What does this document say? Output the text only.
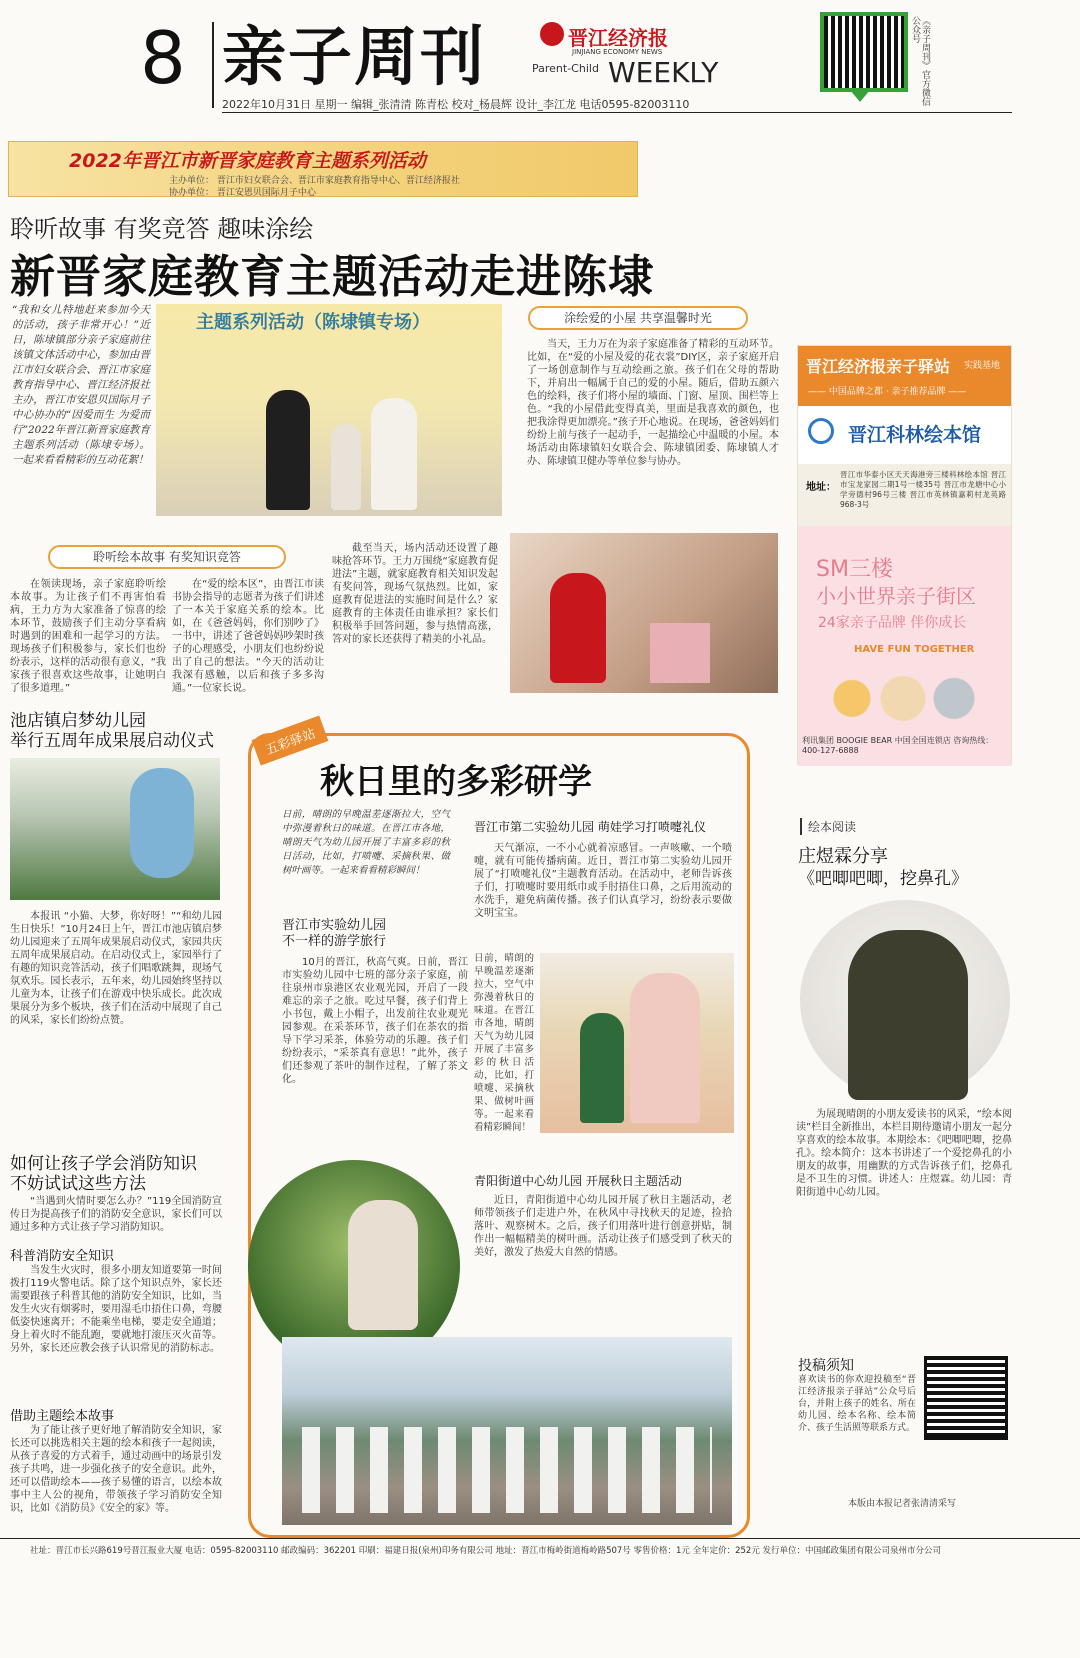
8 亲子周刊	晋江经济报
JINJIANG ECONOMY NEWS
Parent-Child WEEKLY
2022年10月31日 星期一 编辑_张清清 陈青松 校对_杨晨辉 设计_李江龙 电话0595-82003110	《亲子周刊》官方微信公众号
2022年晋江市新晋家庭教育主题系列活动
主办单位： 晋江市妇女联合会、晋江市家庭教育指导中心、晋江经济报社
协办单位： 晋江安恩贝国际月子中心
聆听故事 有奖竞答 趣味涂绘
新晋家庭教育主题活动走进陈埭
“我和女儿特地赶来参加今天的活动，孩子非常开心！”近日，陈埭镇部分亲子家庭前往该镇文体活动中心，参加由晋江市妇女联合会、晋江市家庭教育指导中心、晋江经济报社主办，晋江市安恩贝国际月子中心协办的“因爱而生 为爱而行”2022年晋江新晋家庭教育主题系列活动（陈埭专场）。一起来看看精彩的互动花絮！
主题系列活动（陈埭镇专场）	涂绘爱的小屋 共享温馨时光
当天，王力万在为亲子家庭准备了精彩的互动环节。比如，在“爱的小屋及爱的花衣裳”DIY区，亲子家庭开启了一场创意制作与互动绘画之旅。孩子们在父母的帮助下，并肩出一幅属于自己的爱的小屋。随后，借助五颜六色的绘料，孩子们将小屋的墙面、门窗、屋顶、围栏等上色。“我的小屋借此变得真美，里面是我喜欢的颜色，也把我涂得更加漂亮。”孩子开心地说。在现场，爸爸妈妈们纷纷上前与孩子一起动手，一起描绘心中温暖的小屋。本场活动由陈埭镇妇女联合会、陈埭镇团委、陈埭镇人才办、陈埭镇卫健办等单位参与协办。
晋江经济报亲子驿站 实践基地
—— 中国品牌之都 · 亲子推荐品牌 ——
晋江科林绘本馆
地址：
晋江市华泰小区天天海港旁三楼科林绘本馆 晋江市宝龙家园二期1号一楼35号 晋江市龙塘中心小学旁德村96号三楼 晋江市英林镇嘉莉村龙英路968-3号
SM三楼
小小世界亲子街区
24家亲子品牌 伴你成长
HAVE FUN TOGETHER
利讯集团 BOOGIE BEAR 中国全国连锁店 咨询热线：400-127-6888
聆听绘本故事 有奖知识竞答
在领读现场，亲子家庭聆听绘本故事。为让孩子们不再害怕看病，王力方为大家准备了惊喜的绘本环节，鼓励孩子们主动分享看病时遇到的困难和一起学习的方法。现场孩子们积极参与，家长们也纷纷表示，这样的活动很有意义，“我家孩子很喜欢这些故事，让她明白了很多道理。”
在“爱的绘本区”，由晋江市读书协会指导的志愿者为孩子们讲述了一本关于家庭关系的绘本。比如，在《爸爸妈妈，你们别吵了》一书中，讲述了爸爸妈妈吵架时孩子的心理感受，小朋友们也纷纷说出了自己的想法。“今天的活动让我深有感触，以后和孩子多多沟通。”一位家长说。
截至当天，场内活动还设置了趣味抢答环节。王力万围绕“家庭教育促进法”主题，就家庭教育相关知识发起有奖问答，现场气氛热烈。比如，家庭教育促进法的实施时间是什么？家庭教育的主体责任由谁承担？家长们积极举手回答问题，参与热情高涨，答对的家长还获得了精美的小礼品。
池店镇启梦幼儿园
举行五周年成果展启动仪式
本报讯 “小猫、大梦，你好呀！”“和幼儿园生日快乐！”10月24日上午，晋江市池店镇启梦幼儿园迎来了五周年成果展启动仪式，家园共庆五周年成果展启动。在启动仪式上，家园举行了有趣的知识竞答活动，孩子们唱歌跳舞，现场气氛欢乐。园长表示，五年来，幼儿园始终坚持以儿童为本，让孩子们在游戏中快乐成长。此次成果展分为多个板块，孩子们在活动中展现了自己的风采，家长们纷纷点赞。
如何让孩子学会消防知识
不妨试试这些方法
“当遇到火情时要怎么办？”119全国消防宣传日为提高孩子们的消防安全意识，家长们可以通过多种方式让孩子学习消防知识。
科普消防安全知识
当发生火灾时，很多小朋友知道要第一时间拨打119火警电话。除了这个知识点外，家长还需要跟孩子科普其他的消防安全知识，比如，当发生火灾有烟雾时，要用湿毛巾捂住口鼻，弯腰低姿快速离开；不能乘坐电梯，要走安全通道；身上着火时不能乱跑，要就地打滚压灭火苗等。另外，家长还应教会孩子认识常见的消防标志。
借助主题绘本故事
为了能让孩子更好地了解消防安全知识，家长还可以挑选相关主题的绘本和孩子一起阅读，从孩子喜爱的方式着手，通过动画中的场景引发孩子共鸣，进一步强化孩子的安全意识。此外，还可以借助绘本——孩子易懂的语言，以绘本故事中主人公的视角，带领孩子学习消防安全知识，比如《消防员》《安全的家》等。
五彩驿站
秋日里的多彩研学
日前，晴朗的早晚温差逐渐拉大，空气中弥漫着秋日的味道。在晋江市各地，晴朗天气为幼儿园开展了丰富多彩的秋日活动，比如，打喷嚏、采摘秋果、做树叶画等。一起来看看精彩瞬间！
晋江市实验幼儿园
不一样的游学旅行
10月的晋江，秋高气爽。日前，晋江市实验幼儿园中七班的部分亲子家庭，前往泉州市泉港区农业观光园，开启了一段难忘的亲子之旅。吃过早餐，孩子们背上小书包，戴上小帽子，出发前往农业观光园参观。在采茶环节，孩子们在茶农的指导下学习采茶，体验劳动的乐趣。孩子们纷纷表示，“采茶真有意思！”此外，孩子们还参观了茶叶的制作过程，了解了茶文化。
晋江市第二实验幼儿园 萌娃学习打喷嚏礼仪
天气渐凉，一不小心就着凉感冒。一声咳嗽、一个喷嚏，就有可能传播病菌。近日，晋江市第二实验幼儿园开展了“打喷嚏礼仪”主题教育活动。在活动中，老师告诉孩子们，打喷嚏时要用纸巾或手肘捂住口鼻，之后用流动的水洗手，避免病菌传播。孩子们认真学习，纷纷表示要做文明宝宝。
日前，晴朗的早晚温差逐渐拉大，空气中弥漫着秋日的味道。在晋江市各地，晴朗天气为幼儿园开展了丰富多彩的秋日活动，比如，打喷嚏、采摘秋果、做树叶画等。一起来看看精彩瞬间！
青阳街道中心幼儿园 开展秋日主题活动
近日，青阳街道中心幼儿园开展了秋日主题活动，老师带领孩子们走进户外，在秋风中寻找秋天的足迹，捡拾落叶、观察树木。之后，孩子们用落叶进行创意拼贴，制作出一幅幅精美的树叶画。活动让孩子们感受到了秋天的美好，激发了热爱大自然的情感。
绘本阅读
庄煜霖分享
《吧唧吧唧，挖鼻孔》
为展现晴朗的小朋友爱读书的风采，“绘本阅读”栏目全新推出，本栏目期待邀请小朋友一起分享喜欢的绘本故事。本期绘本：《吧唧吧唧，挖鼻孔》。绘本简介：这本书讲述了一个爱挖鼻孔的小朋友的故事，用幽默的方式告诉孩子们，挖鼻孔是不卫生的习惯。讲述人：庄煜霖。幼儿园：青阳街道中心幼儿园。
投稿须知
喜欢读书的你欢迎投稿至“晋江经济报亲子驿站”公众号后台，并附上孩子的姓名、所在幼儿园、绘本名称、绘本简介、孩子生活照等联系方式。
本版由本报记者张清清采写
社址：晋江市长兴路619号晋江报业大厦 电话：0595-82003110 邮政编码：362201 印刷：福建日报(泉州)印务有限公司 地址：晋江市梅岭街道梅岭路507号 零售价格：1元 全年定价：252元 发行单位：中国邮政集团有限公司泉州市分公司
